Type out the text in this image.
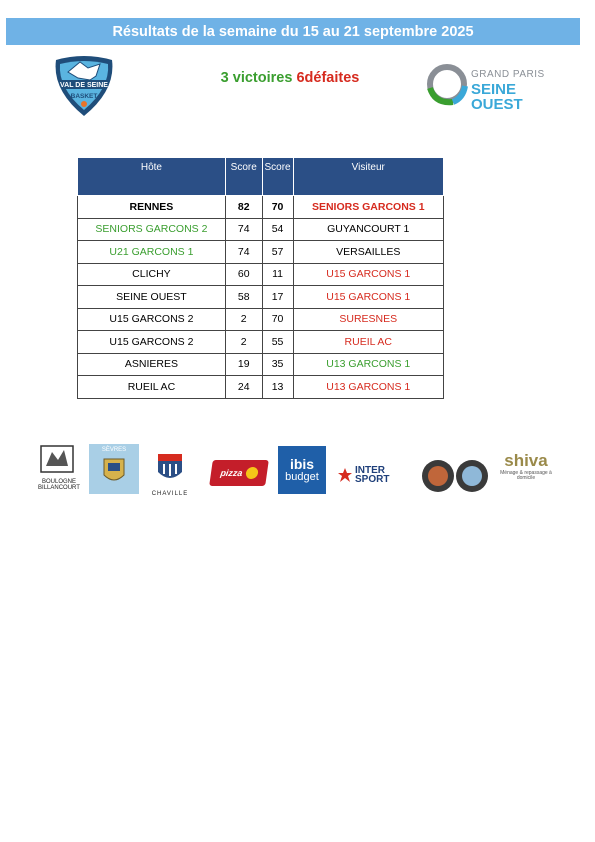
Résultats de la semaine du 15 au 21 septembre 2025
VAL DE SEINE
BASKET
3 victoires 6défaites	GRAND PARIS
SEINE OUEST
Hôte	Score	Score	Visiteur
RENNES	82	70	SENIORS GARCONS 1
SENIORS GARCONS 2	74	54	GUYANCOURT 1
U21 GARCONS 1	74	57	VERSAILLES
CLICHY	60	11	U15 GARCONS 1
SEINE OUEST	58	17	U15 GARCONS 1
U15 GARCONS 2	2	70	SURESNES
U15 GARCONS 2	2	55	RUEIL AC
ASNIERES	19	35	U13 GARCONS 1
RUEIL AC	24	13	U13 GARCONS 1
BOULOGNE
BILLANCOURT
SÈVRES
CHAVILLE
pizza
ibis
budget
INTER
SPORT
shiva
Ménage & repassage à domicile
